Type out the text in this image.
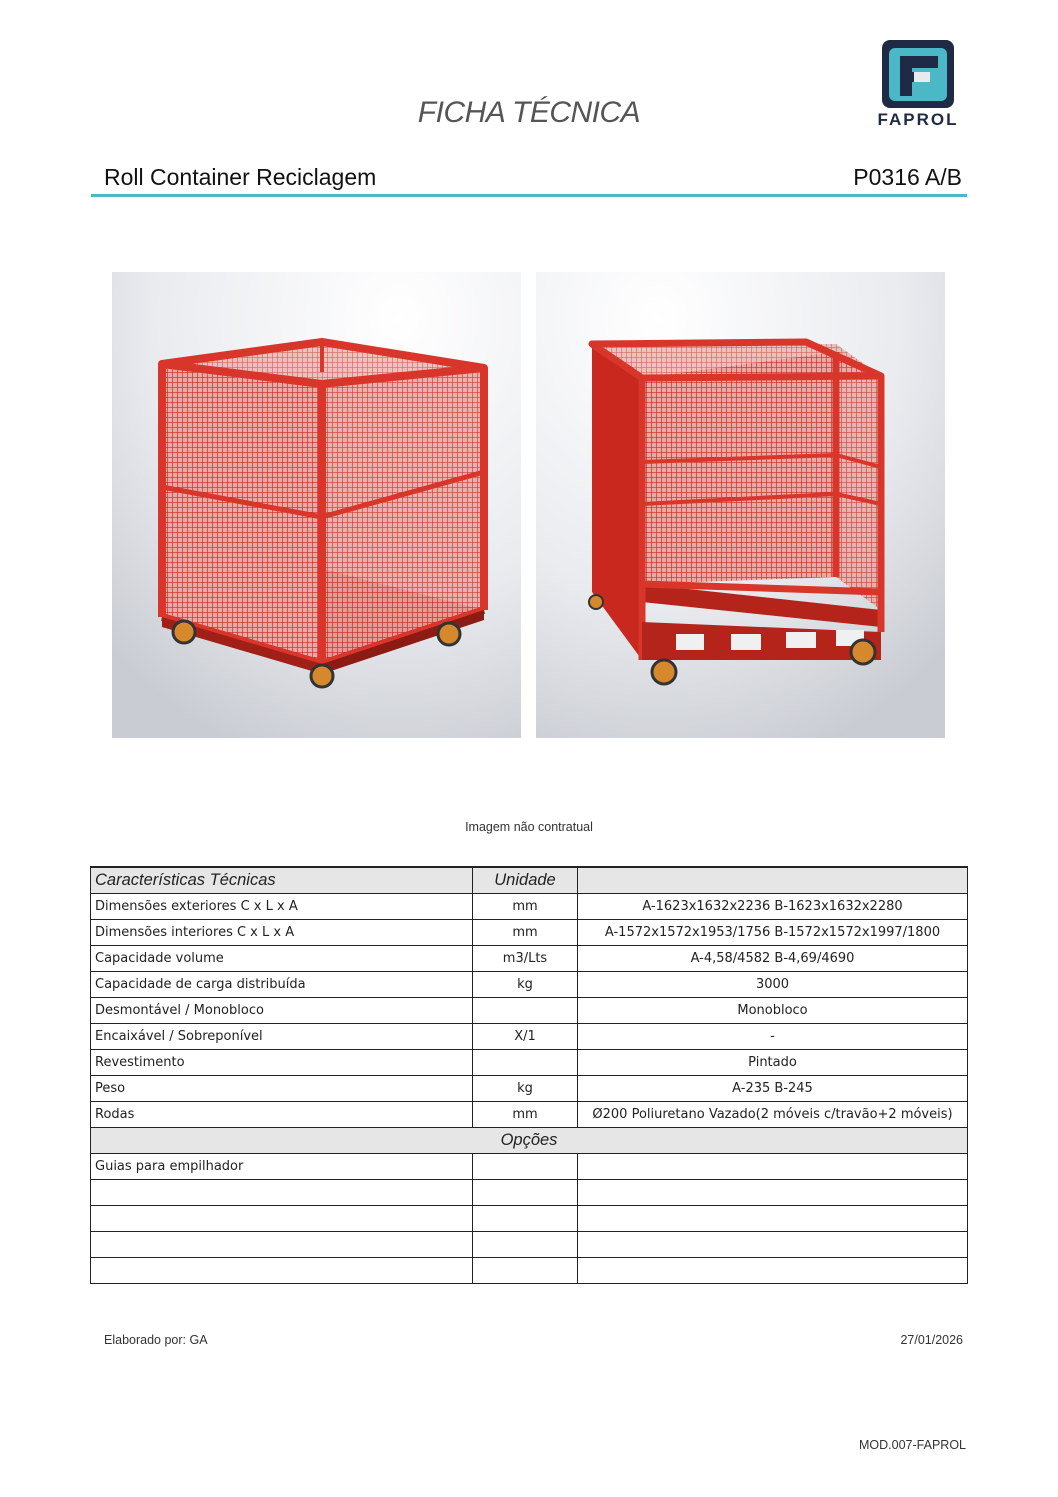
FICHA TÉCNICA	FAPROL
Roll Container Reciclagem	P0316 A/B
Imagem não contratual
Características Técnicas	Unidade	
Dimensões exteriores C x L x A	mm	A-1623x1632x2236 B-1623x1632x2280
Dimensões interiores C x L x A	mm	A-1572x1572x1953/1756 B-1572x1572x1997/1800
Capacidade volume	m3/Lts	A-4,58/4582 B-4,69/4690
Capacidade de carga distribuída	kg	3000
Desmontável / Monobloco		Monobloco
Encaixável / Sobreponível	X/1	-
Revestimento		Pintado
Peso	kg	A-235 B-245
Rodas	mm	Ø200 Poliuretano Vazado(2 móveis c/travão+2 móveis)
Opções		
Guias para empilhador		

Elaborado por: GA	27/01/2026
MOD.007-FAPROL
